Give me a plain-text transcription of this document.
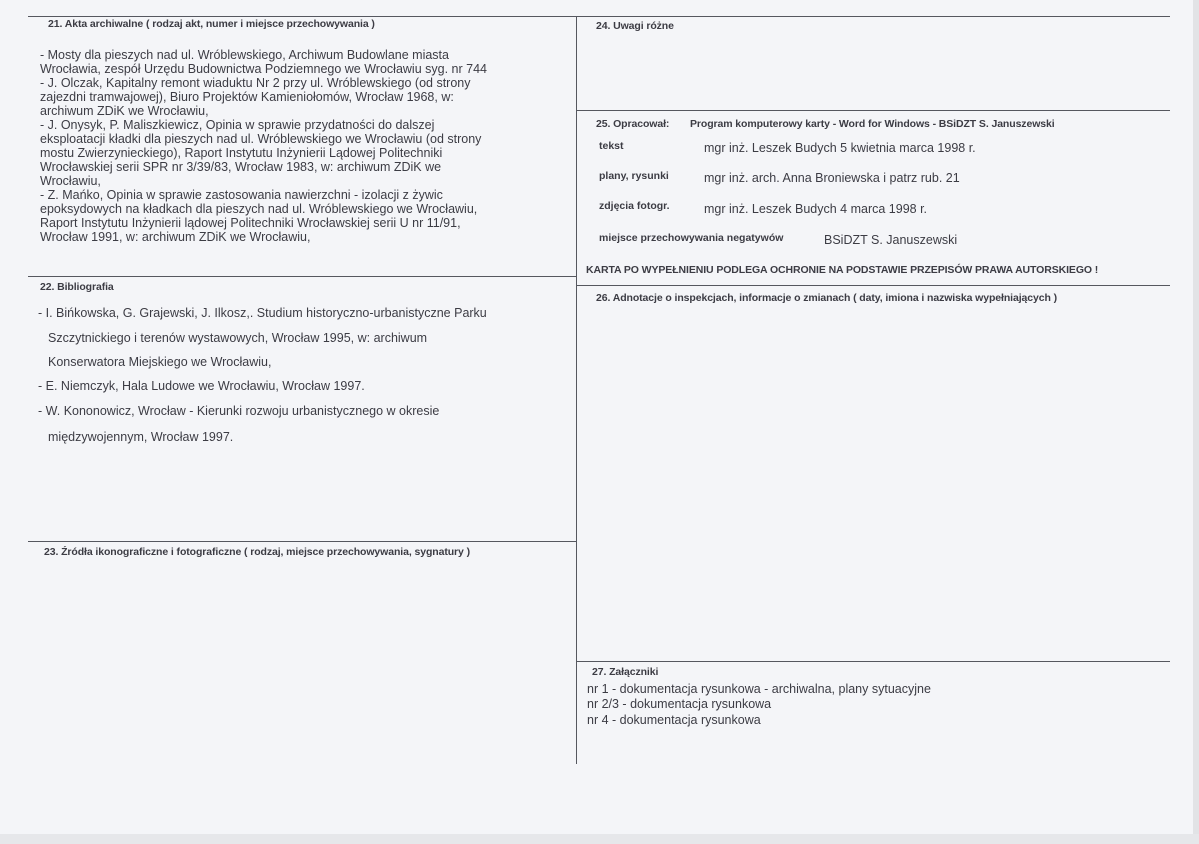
21. Akta archiwalne ( rodzaj akt, numer i miejsce przechowywania )
- Mosty dla pieszych nad ul. Wróblewskiego, Archiwum Budowlane miasta
Wrocławia, zespół Urzędu Budownictwa Podziemnego we Wrocławiu syg. nr 744
- J. Olczak, Kapitalny remont wiaduktu Nr 2 przy ul. Wróblewskiego (od strony
zajezdni tramwajowej), Biuro Projektów Kamieniołomów, Wrocław 1968, w:
archiwum ZDiK we Wrocławiu,
- J. Onysyk, P. Maliszkiewicz, Opinia w sprawie przydatności do dalszej
eksploatacji kładki dla pieszych nad ul. Wróblewskiego we Wrocławiu (od strony
mostu Zwierzynieckiego), Raport Instytutu Inżynierii Lądowej Politechniki
Wrocławskiej serii SPR nr 3/39/83, Wrocław 1983, w: archiwum ZDiK we
Wrocławiu,
- Z. Mańko, Opinia w sprawie zastosowania nawierzchni - izolacji z żywic
epoksydowych na kładkach dla pieszych nad ul. Wróblewskiego we Wrocławiu,
Raport Instytutu Inżynierii lądowej Politechniki Wrocławskiej serii U nr 11/91,
Wrocław 1991, w: archiwum ZDiK we Wrocławiu,
22. Bibliografia
- I. Bińkowska, G. Grajewski, J. Ilkosz,. Studium historyczno-urbanistyczne Parku
Szczytnickiego i terenów wystawowych, Wrocław 1995, w: archiwum
Konserwatora Miejskiego we Wrocławiu,
- E. Niemczyk, Hala Ludowe we Wrocławiu, Wrocław 1997.
- W. Kononowicz, Wrocław - Kierunki rozwoju urbanistycznego w okresie
międzywojennym, Wrocław 1997.
23. Źródła ikonograficzne i fotograficzne ( rodzaj, miejsce przechowywania, sygnatury )
24. Uwagi różne
25. Opracował: Program komputerowy karty - Word for Windows - BSiDZT S. Januszewski
tekst	mgr inż. Leszek Budych 5 kwietnia marca 1998 r.
plany, rysunki	mgr inż. arch. Anna Broniewska i patrz rub. 21
zdjęcia fotogr.	mgr inż. Leszek Budych 4 marca 1998 r.
miejsce przechowywania negatywów	BSiDZT S. Januszewski
KARTA PO WYPEŁNIENIU PODLEGA OCHRONIE NA PODSTAWIE PRZEPISÓW PRAWA AUTORSKIEGO !
26. Adnotacje o inspekcjach, informacje o zmianach ( daty, imiona i nazwiska wypełniających )
27. Załączniki
nr 1 - dokumentacja rysunkowa - archiwalna, plany sytuacyjne
nr 2/3 - dokumentacja rysunkowa
nr 4 - dokumentacja rysunkowa
